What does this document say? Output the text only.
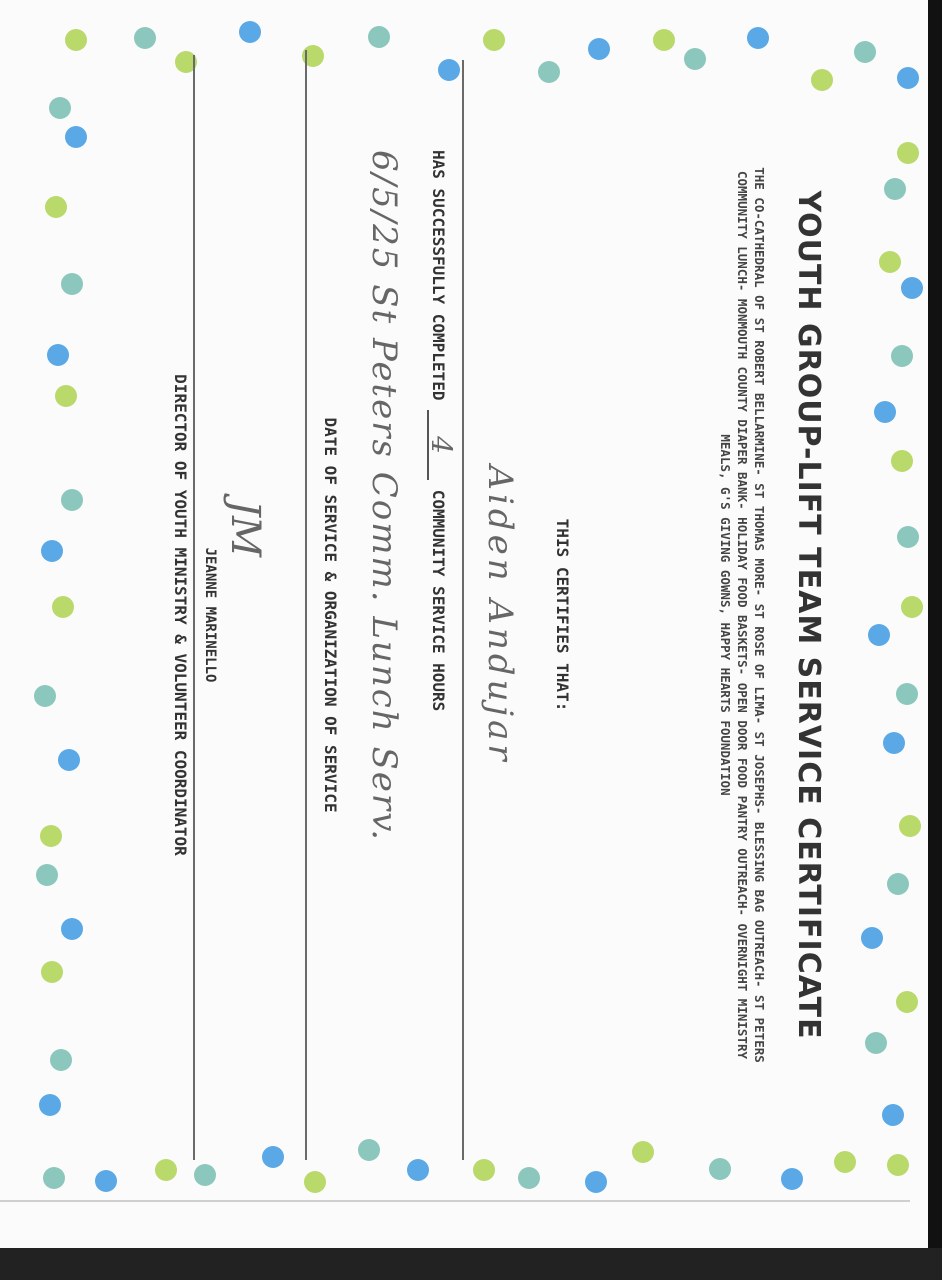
YOUTH GROUP-LIFT TEAM SERVICE CERTIFICATE
THE CO-CATHEDRAL OF ST ROBERT BELLARMINE- ST THOMAS MORE- ST ROSE OF LIMA- ST JOSEPHS- BLESSING BAG OUTREACH- ST PETERS COMMUNITY LUNCH- MONMOUTH COUNTY DIAPER BANK- HOLIDAY FOOD BASKETS- OPEN DOOR FOOD PANTRY OUTREACH- OVERNIGHT MINISTRY MEALS, G'S GIVING GOWNS, HAPPY HEARTS FOUNDATION
THIS CERTIFIES THAT:
Aiden Andujar
HAS SUCCESSFULLY COMPLETED
4
COMMUNITY SERVICE HOURS
6/5/25 St Peters Comm. Lunch Serv.
DATE OF SERVICE & ORGANIZATION OF SERVICE
JM
JEANNE MARINELLO
DIRECTOR OF YOUTH MINISTRY & VOLUNTEER COORDINATOR
